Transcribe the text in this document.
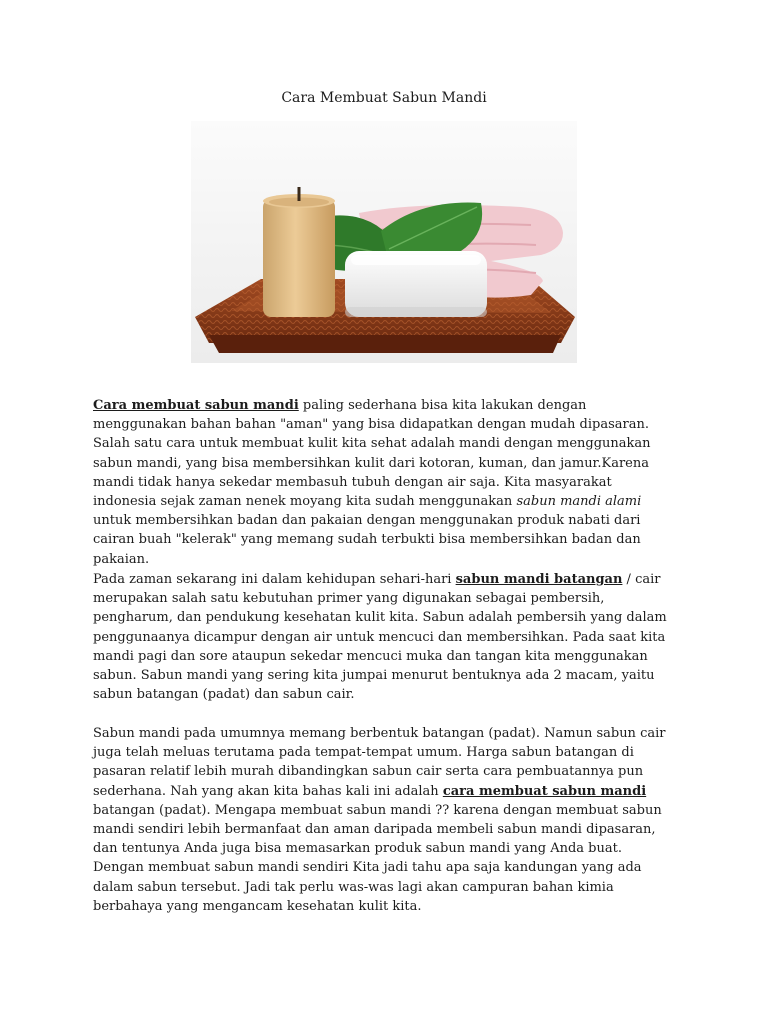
Cara Membuat Sabun Mandi

Cara membuat sabun mandi paling sederhana bisa kita lakukan dengan menggunakan bahan bahan "aman" yang bisa didapatkan dengan mudah dipasaran. Salah satu cara untuk membuat kulit kita sehat adalah mandi dengan menggunakan sabun mandi, yang bisa membersihkan kulit dari kotoran, kuman, dan jamur.Karena mandi tidak hanya sekedar membasuh tubuh dengan air saja. Kita masyarakat indonesia sejak zaman nenek moyang kita sudah menggunakan sabun mandi alami untuk membersihkan badan dan pakaian dengan menggunakan produk nabati dari cairan buah "kelerak" yang memang sudah terbukti bisa membersihkan badan dan pakaian.

Pada zaman sekarang ini dalam kehidupan sehari-hari sabun mandi batangan / cair merupakan salah satu kebutuhan primer yang digunakan sebagai pembersih, pengharum, dan pendukung kesehatan kulit kita. Sabun adalah pembersih yang dalam penggunaanya dicampur dengan air untuk mencuci dan membersihkan. Pada saat kita mandi pagi dan sore ataupun sekedar mencuci muka dan tangan kita menggunakan sabun. Sabun mandi yang sering kita jumpai menurut bentuknya ada 2 macam, yaitu sabun batangan (padat) dan sabun cair.

Sabun mandi pada umumnya memang berbentuk batangan (padat). Namun sabun cair juga telah meluas terutama pada tempat-tempat umum. Harga sabun batangan di pasaran relatif lebih murah dibandingkan sabun cair serta cara pembuatannya pun sederhana. Nah yang akan kita bahas kali ini adalah cara membuat sabun mandi batangan (padat). Mengapa membuat sabun mandi ?? karena dengan membuat sabun mandi sendiri lebih bermanfaat dan aman daripada membeli sabun mandi dipasaran, dan tentunya Anda juga bisa memasarkan produk sabun mandi yang Anda buat. Dengan membuat sabun mandi sendiri Kita jadi tahu apa saja kandungan yang ada dalam sabun tersebut. Jadi tak perlu was-was lagi akan campuran bahan kimia berbahaya yang mengancam kesehatan kulit kita.
